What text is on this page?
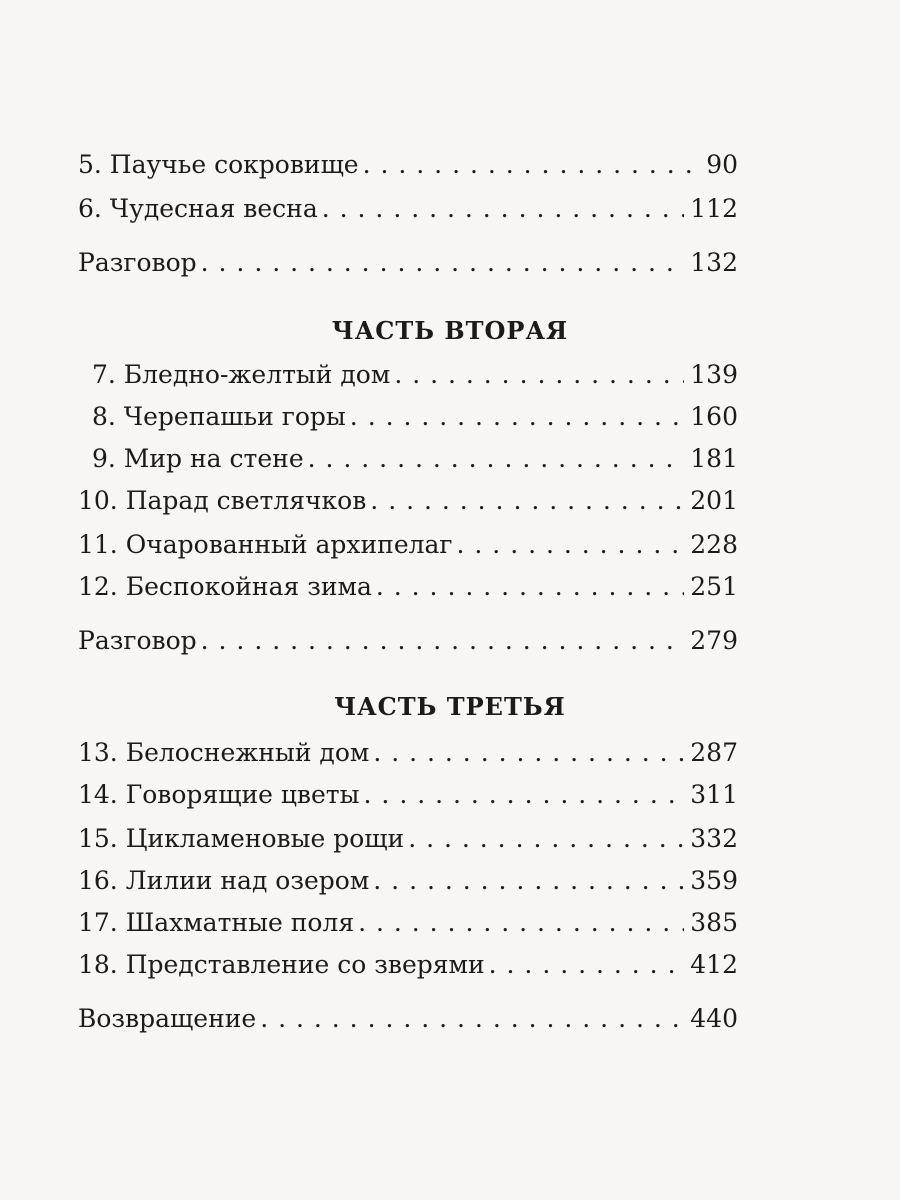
5. Паучье сокровище . . .	90
6. Чудесная весна . . .	112
Разговор . . .	132
ЧАСТЬ ВТОРАЯ
7. Бледно-желтый дом . . .	139
8. Черепашьи горы . . .	160
9. Мир на стене . . .	181
10. Парад светлячков . . .	201
11. Очарованный архипелаг . . .	228
12. Беспокойная зима . . .	251
Разговор . . .	279
ЧАСТЬ ТРЕТЬЯ
13. Белоснежный дом . . .	287
14. Говорящие цветы . . .	311
15. Цикламеновые рощи . . .	332
16. Лилии над озером . . .	359
17. Шахматные поля . . .	385
18. Представление со зверями . . .	412
Возвращение . . .	440
